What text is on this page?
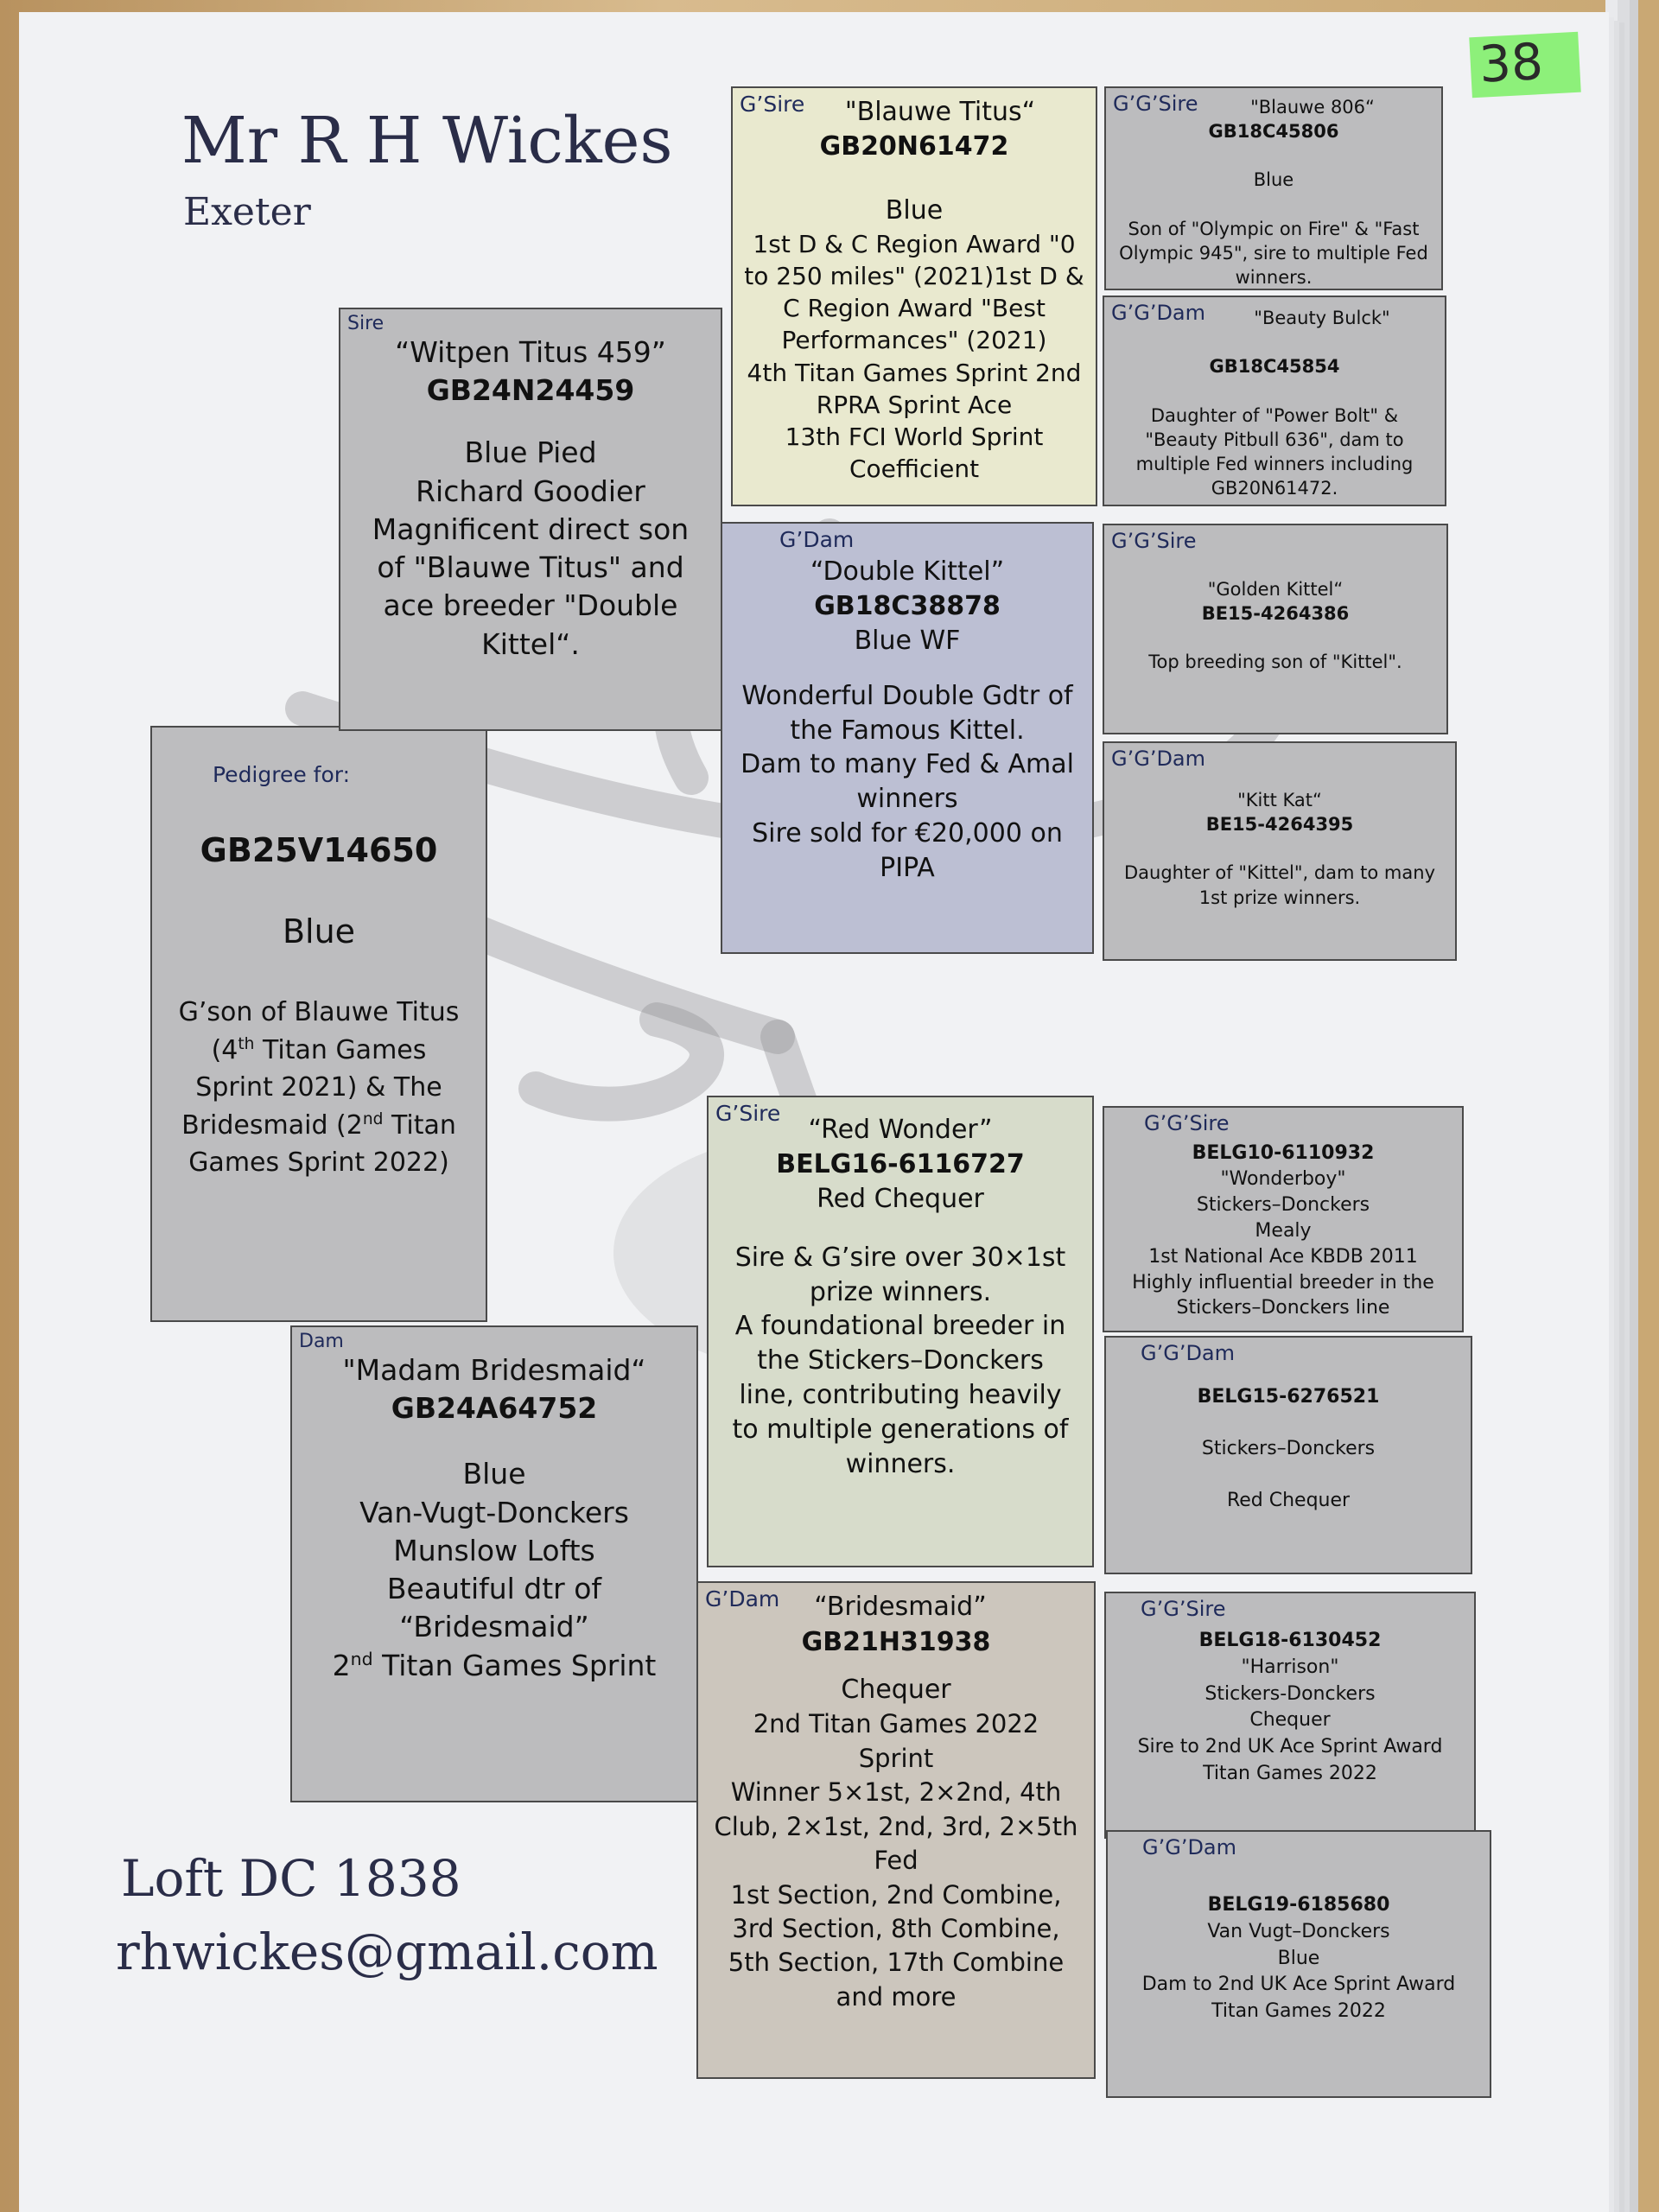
38
Mr R H Wickes
Exeter
Pedigree for:
GB25V14650
Blue
G’son of Blauwe Titus
(4th Titan Games
Sprint 2021) & The
Bridesmaid (2nd Titan
Games Sprint 2022)
Sire
“Witpen Titus 459”
GB24N24459
Blue Pied
Richard Goodier
Magnificent direct son
of "Blauwe Titus" and
ace breeder "Double
Kittel“.
Dam
"Madam Bridesmaid“
GB24A64752
Blue
Van-Vugt-Donckers
Munslow Lofts
Beautiful dtr of
“Bridesmaid”
2nd Titan Games Sprint
G’Sire	"Blauwe Titus“
GB20N61472
Blue
1st D & C Region Award "0
to 250 miles" (2021)1st D &
C Region Award "Best
Performances" (2021)
4th Titan Games Sprint 2nd
RPRA Sprint Ace
13th FCI World Sprint
Coefficient
G’Dam
“Double Kittel”
GB18C38878
Blue WF
Wonderful Double Gdtr of
the Famous Kittel.
Dam to many Fed & Amal
winners
Sire sold for €20,000 on
PIPA
G’Sire
“Red Wonder”
BELG16-6116727
Red Chequer
Sire & G’sire over 30×1st
prize winners.
A foundational breeder in
the Stickers–Donckers
line, contributing heavily
to multiple generations of
winners.
G’Dam	“Bridesmaid”
GB21H31938
Chequer
2nd Titan Games 2022
Sprint
Winner 5×1st, 2×2nd, 4th
Club, 2×1st, 2nd, 3rd, 2×5th
Fed
1st Section, 2nd Combine,
3rd Section, 8th Combine,
5th Section, 17th Combine
and more
G’G’Sire	"Blauwe 806“
GB18C45806

Blue

Son of "Olympic on Fire" & "Fast
Olympic 945", sire to multiple Fed
winners.
G’G’Dam	"Beauty Bulck"

GB18C45854

Daughter of "Power Bolt" &
"Beauty Pitbull 636", dam to
multiple Fed winners including
GB20N61472.
G’G’Sire
"Golden Kittel“
BE15-4264386

Top breeding son of "Kittel".
G’G’Dam
"Kitt Kat“
BE15-4264395

Daughter of "Kittel", dam to many
1st prize winners.
G’G’Sire
BELG10-6110932
"Wonderboy"
Stickers–Donckers
Mealy
1st National Ace KBDB 2011
Highly influential breeder in the
Stickers–Donckers line
G’G’Dam
BELG15-6276521

Stickers–Donckers

Red Chequer
G’G’Sire
BELG18-6130452
"Harrison"
Stickers-Donckers
Chequer
Sire to 2nd UK Ace Sprint Award
Titan Games 2022
G’G’Dam
BELG19-6185680
Van Vugt–Donckers
Blue
Dam to 2nd UK Ace Sprint Award
Titan Games 2022
Loft DC 1838
rhwickes@gmail.com
